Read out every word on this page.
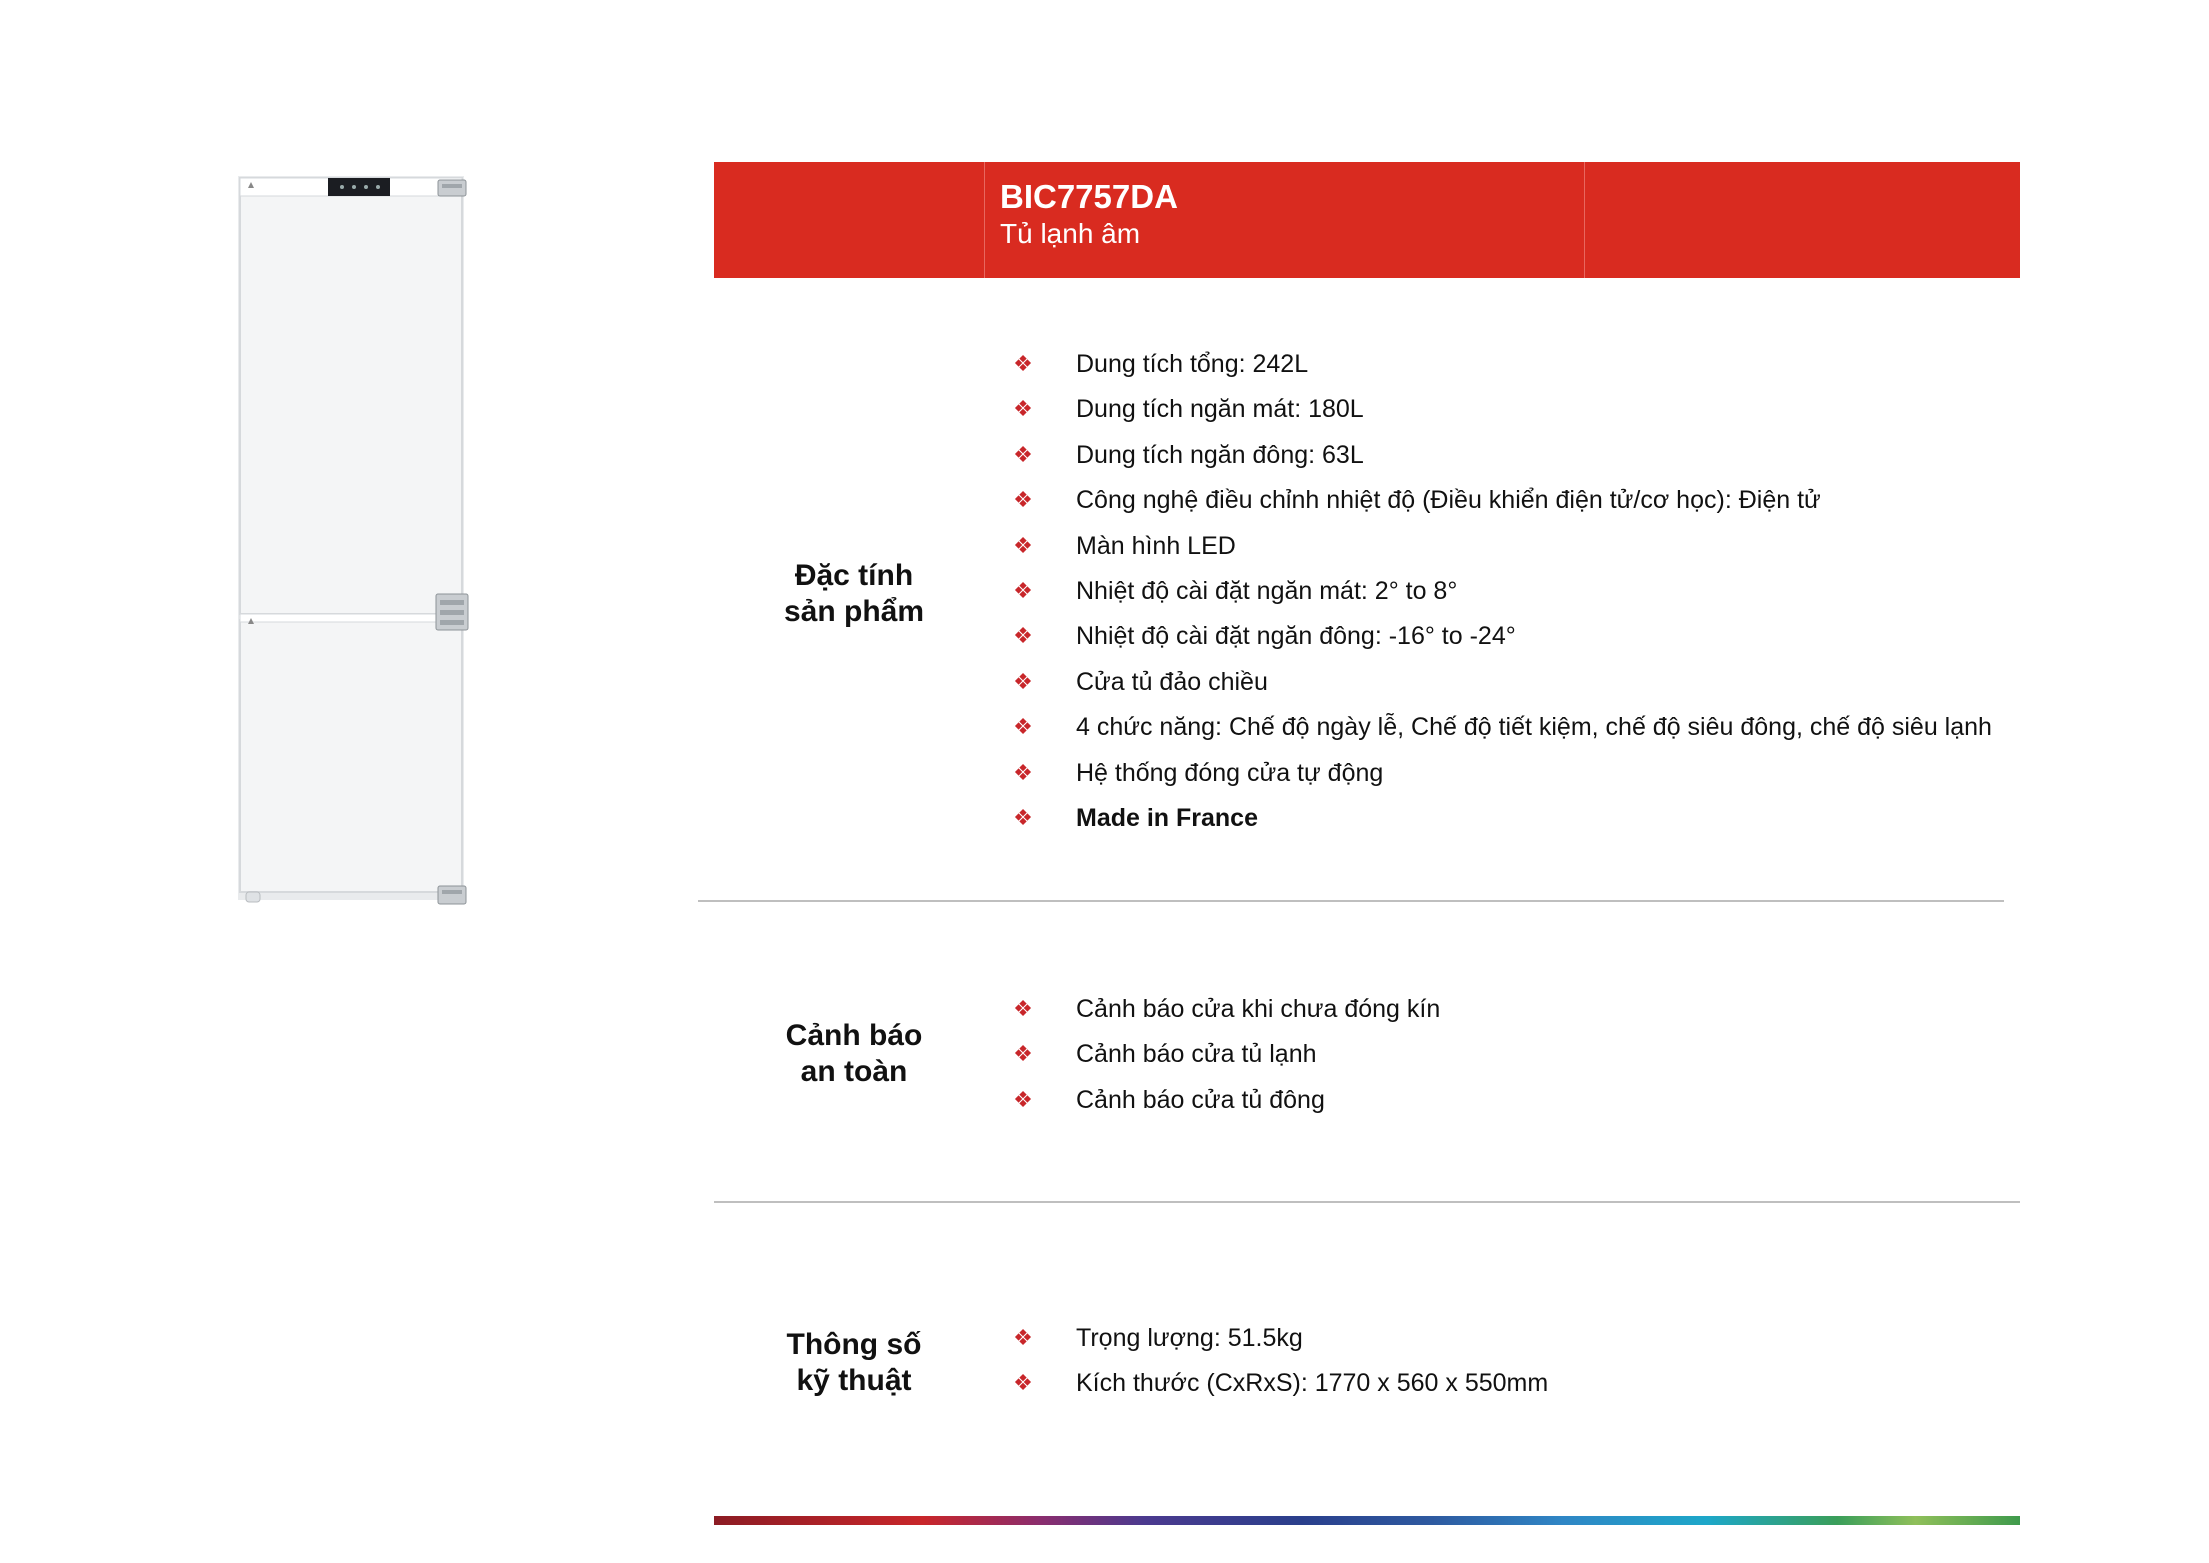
BIC7757DA
Tủ lạnh âm
Đặc tính
sản phẩm
❖ Dung tích tổng: 242L
❖ Dung tích ngăn mát: 180L
❖ Dung tích ngăn đông: 63L
❖ Công nghệ điều chỉnh nhiệt độ (Điều khiển điện tử/cơ học): Điện tử
❖ Màn hình LED
❖ Nhiệt độ cài đặt ngăn mát: 2° to 8°
❖ Nhiệt độ cài đặt ngăn đông: -16° to -24°
❖ Cửa tủ đảo chiều
❖ 4 chức năng: Chế độ ngày lễ, Chế độ tiết kiệm, chế độ siêu đông, chế độ siêu lạnh
❖ Hệ thống đóng cửa tự động
❖ Made in France
Cảnh báo
an toàn
❖ Cảnh báo cửa khi chưa đóng kín
❖ Cảnh báo cửa tủ lạnh
❖ Cảnh báo cửa tủ đông
Thông số
kỹ thuật
❖ Trọng lượng: 51.5kg
❖ Kích thước (CxRxS): 1770 x 560 x 550mm
